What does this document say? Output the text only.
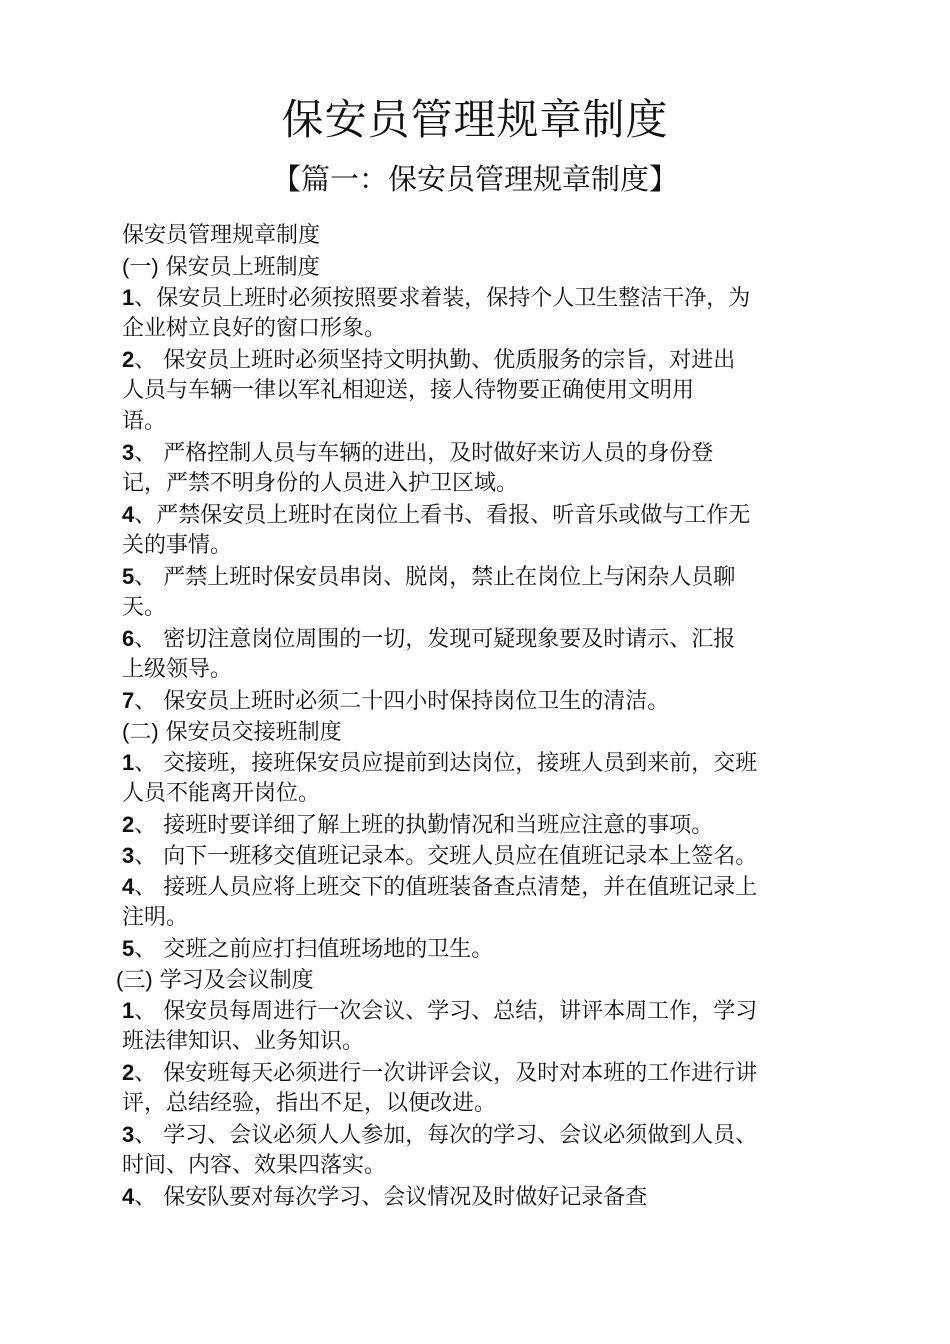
保安员管理规章制度
【篇一：保安员管理规章制度】
保安员管理规章制度
(一) 保安员上班制度
1、保安员上班时必须按照要求着装，保持个人卫生整洁干净，为
企业树立良好的窗口形象。
2、 保安员上班时必须坚持文明执勤、优质服务的宗旨，对进出
人员与车辆一律以军礼相迎送，接人待物要正确使用文明用
语。
3、 严格控制人员与车辆的进出，及时做好来访人员的身份登
记，严禁不明身份的人员进入护卫区域。
4、严禁保安员上班时在岗位上看书、看报、听音乐或做与工作无
关的事情。
5、 严禁上班时保安员串岗、脱岗，禁止在岗位上与闲杂人员聊
天。
6、 密切注意岗位周围的一切，发现可疑现象要及时请示、汇报
上级领导。
7、 保安员上班时必须二十四小时保持岗位卫生的清洁。
(二) 保安员交接班制度
1、 交接班，接班保安员应提前到达岗位，接班人员到来前，交班
人员不能离开岗位。
2、 接班时要详细了解上班的执勤情况和当班应注意的事项。
3、 向下一班移交值班记录本。交班人员应在值班记录本上签名。
4、 接班人员应将上班交下的值班装备查点清楚，并在值班记录上
注明。
5、 交班之前应打扫值班场地的卫生。
(三) 学习及会议制度
1、 保安员每周进行一次会议、学习、总结，讲评本周工作，学习
班法律知识、业务知识。
2、 保安班每天必须进行一次讲评会议，及时对本班的工作进行讲
评，总结经验，指出不足，以便改进。
3、 学习、会议必须人人参加，每次的学习、会议必须做到人员、
时间、内容、效果四落实。
4、 保安队要对每次学习、会议情况及时做好记录备查
